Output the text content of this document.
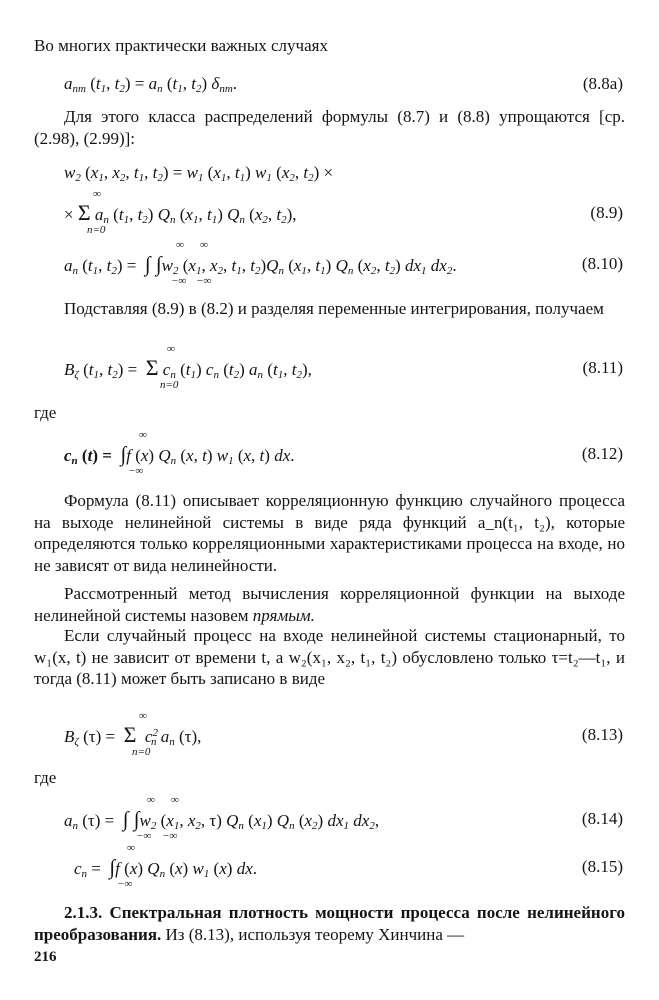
Во многих практически важных случаях
$a_{nm}$ ($t_1$, $t_2) = a_n$ ($t_1$, $t_2$) $\delta_{nm}$.	(8.8а)
Для этого класса распределений формулы (8.7) и (8.8) упрощаются [ср. (2.98), (2.99)]:
$w_2$ ($x_1$, $x_2$, $t_1$, $t_2) = w_1$ ($x_1$, $t_1$) $w_1$ ($x_2$, $t_2$) ×
∞
× Σ $a_n$ ($t_1$, $t_2$) $Q_n$ ($x_1$, $t_1$) $Q_n$ ($x_2$, $t_2$),
n=0
(8.9)
∞ ∞
$a_n$ ($t_1$, $t_2$) =  ∫ $\int w_2$ ($x_1$, $x_2$, $t_1$, $t_2)Q_n$ ($x_1$, $t_1$) $Q_n$ ($x_2$, $t_2$) $dx_1$ $dx_2$.
−∞ −∞
(8.10)
Подставляя (8.9) в (8.2) и разделяя переменные интегрирования, получаем
∞
$B_\zeta$ ($t_1$, $t_2) = \Sigma$ $c_n$ $(t_1)$ $c_n$ $(t_2)$ $a_n$ ($t_1$, $t_2$),
n=0
(8.11)
где
∞
$c_n$ (t) = ∫f (x) $Q_n$ (x, t) $w_1$ (x, t) dx.
−∞
(8.12)
Формула (8.11) описывает корреляционную функцию случайного процесса на выходе нелинейной системы в виде ряда функций a_n(t₁, t₂), которые определяются только корреляционными характеристиками процесса на входе, но не зависят от вида нелинейности.
Рассмотренный метод вычисления корреляционной функции на выходе нелинейной системы назовем прямым.
Если случайный процесс на входе нелинейной системы стационарный, то w₁(x, t) не зависит от времени t, а w₂(x₁, x₂, t₁, t₂) обусловлено только τ=t₂—t₁, и тогда (8.11) может быть записано в виде
∞
$B_\zeta$ (τ) =  Σ  $c^2_n$ $a_n$ (τ),
n=0
(8.13)
где
∞ ∞
$a_n$ (τ) =  ∫ $\int w_2$ ($x_1$, $x_2$, τ) $Q_n$ $(x_1)$ $Q_n$ $(x_2)$ $dx_1$ $dx_2$,
−∞ −∞
(8.14)
∞
$c_n = \int f$ (x) $Q_n$ (x) $w_1$ (x) dx.
−∞
(8.15)
2.1.3. Спектральная плотность мощности процесса после нелинейного преобразования. Из (8.13), используя теорему Хинчина —
216
